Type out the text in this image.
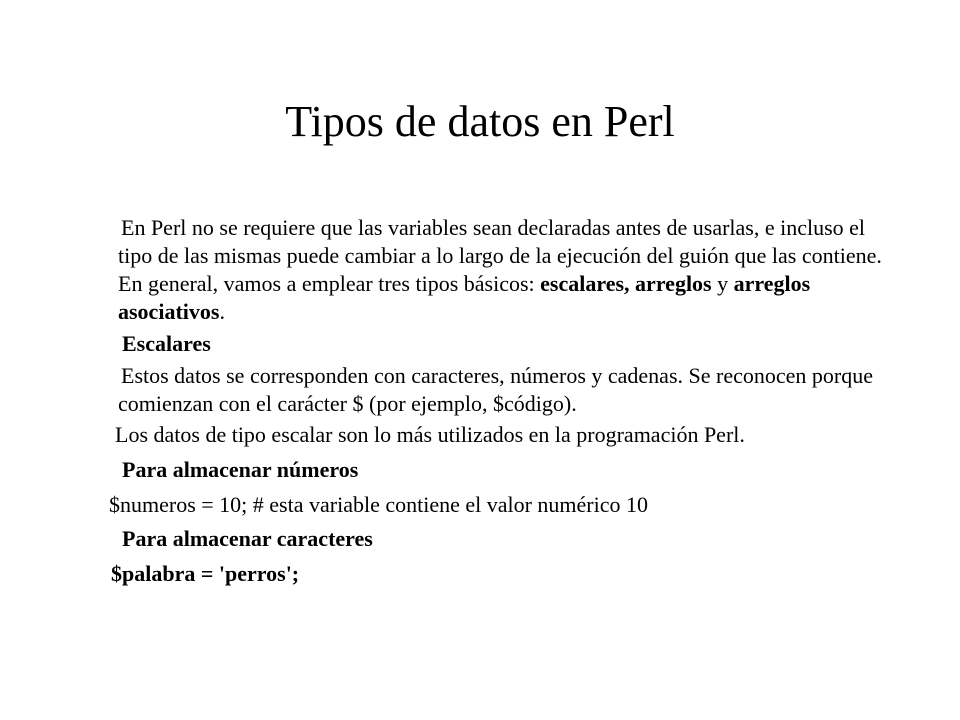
Tipos de datos en Perl

En Perl no se requiere que las variables sean declaradas antes de usarlas, e incluso el tipo de las mismas puede cambiar a lo largo de la ejecución del guión que las contiene. En general, vamos a emplear tres tipos básicos: escalares, arreglos y arreglos asociativos.

Escalares

Estos datos se corresponden con caracteres, números y cadenas. Se reconocen porque comienzan con el carácter $ (por ejemplo, $código).

Los datos de tipo escalar son lo más utilizados en la programación Perl.

Para almacenar números

$numeros = 10; # esta variable contiene el valor numérico 10

Para almacenar caracteres

$palabra = 'perros';
